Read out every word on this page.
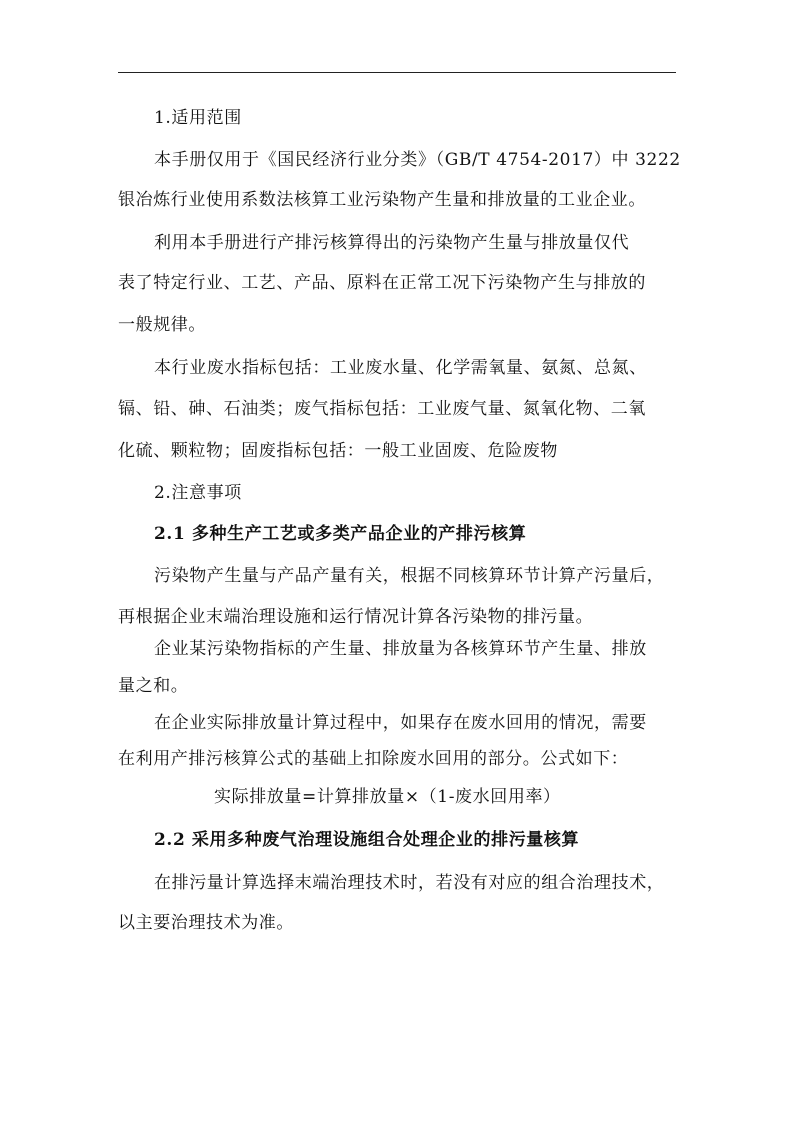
1.适用范围
本手册仅用于《国民经济行业分类》（GB/T 4754-2017）中 3222
银冶炼行业使用系数法核算工业污染物产生量和排放量的工业企业。
利用本手册进行产排污核算得出的污染物产生量与排放量仅代
表了特定行业、工艺、产品、原料在正常工况下污染物产生与排放的
一般规律。
本行业废水指标包括：工业废水量、化学需氧量、氨氮、总氮、
镉、铅、砷、石油类；废气指标包括：工业废气量、氮氧化物、二氧
化硫、颗粒物；固废指标包括：一般工业固废、危险废物
2.注意事项
2.1 多种生产工艺或多类产品企业的产排污核算
污染物产生量与产品产量有关，根据不同核算环节计算产污量后，
再根据企业末端治理设施和运行情况计算各污染物的排污量。
企业某污染物指标的产生量、排放量为各核算环节产生量、排放
量之和。
在企业实际排放量计算过程中，如果存在废水回用的情况，需要
在利用产排污核算公式的基础上扣除废水回用的部分。公式如下：
实际排放量=计算排放量×（1-废水回用率）
2.2 采用多种废气治理设施组合处理企业的排污量核算
在排污量计算选择末端治理技术时，若没有对应的组合治理技术，
以主要治理技术为准。
